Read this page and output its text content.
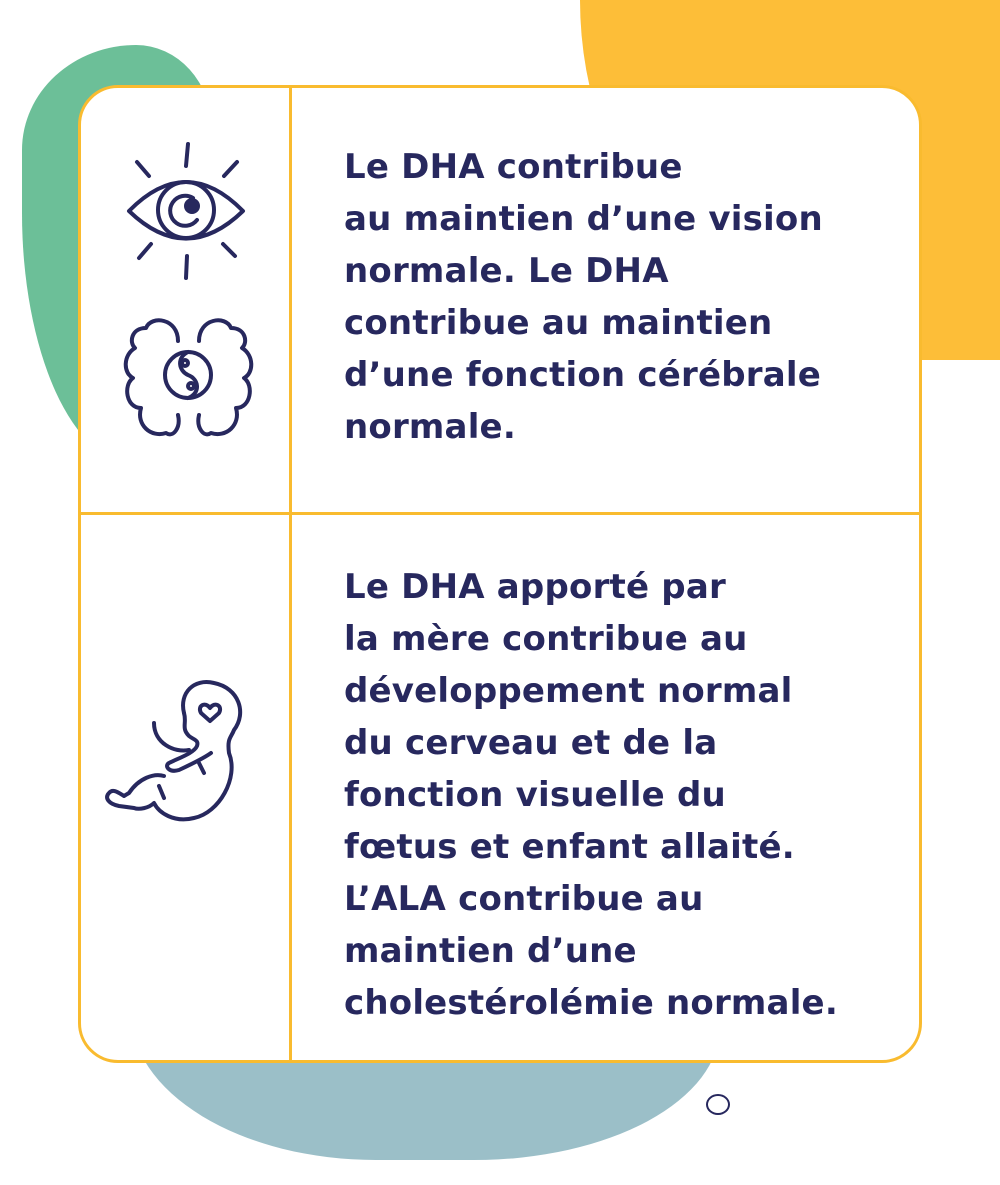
Le DHA contribue
au maintien d’une vision
normale. Le DHA
contribue au maintien
d’une fonction cérébrale
normale.
Le DHA apporté par
la mère contribue au
développement normal
du cerveau et de la
fonction visuelle du
fœtus et enfant allaité.
L’ALA contribue au
maintien d’une
cholestérolémie normale.
